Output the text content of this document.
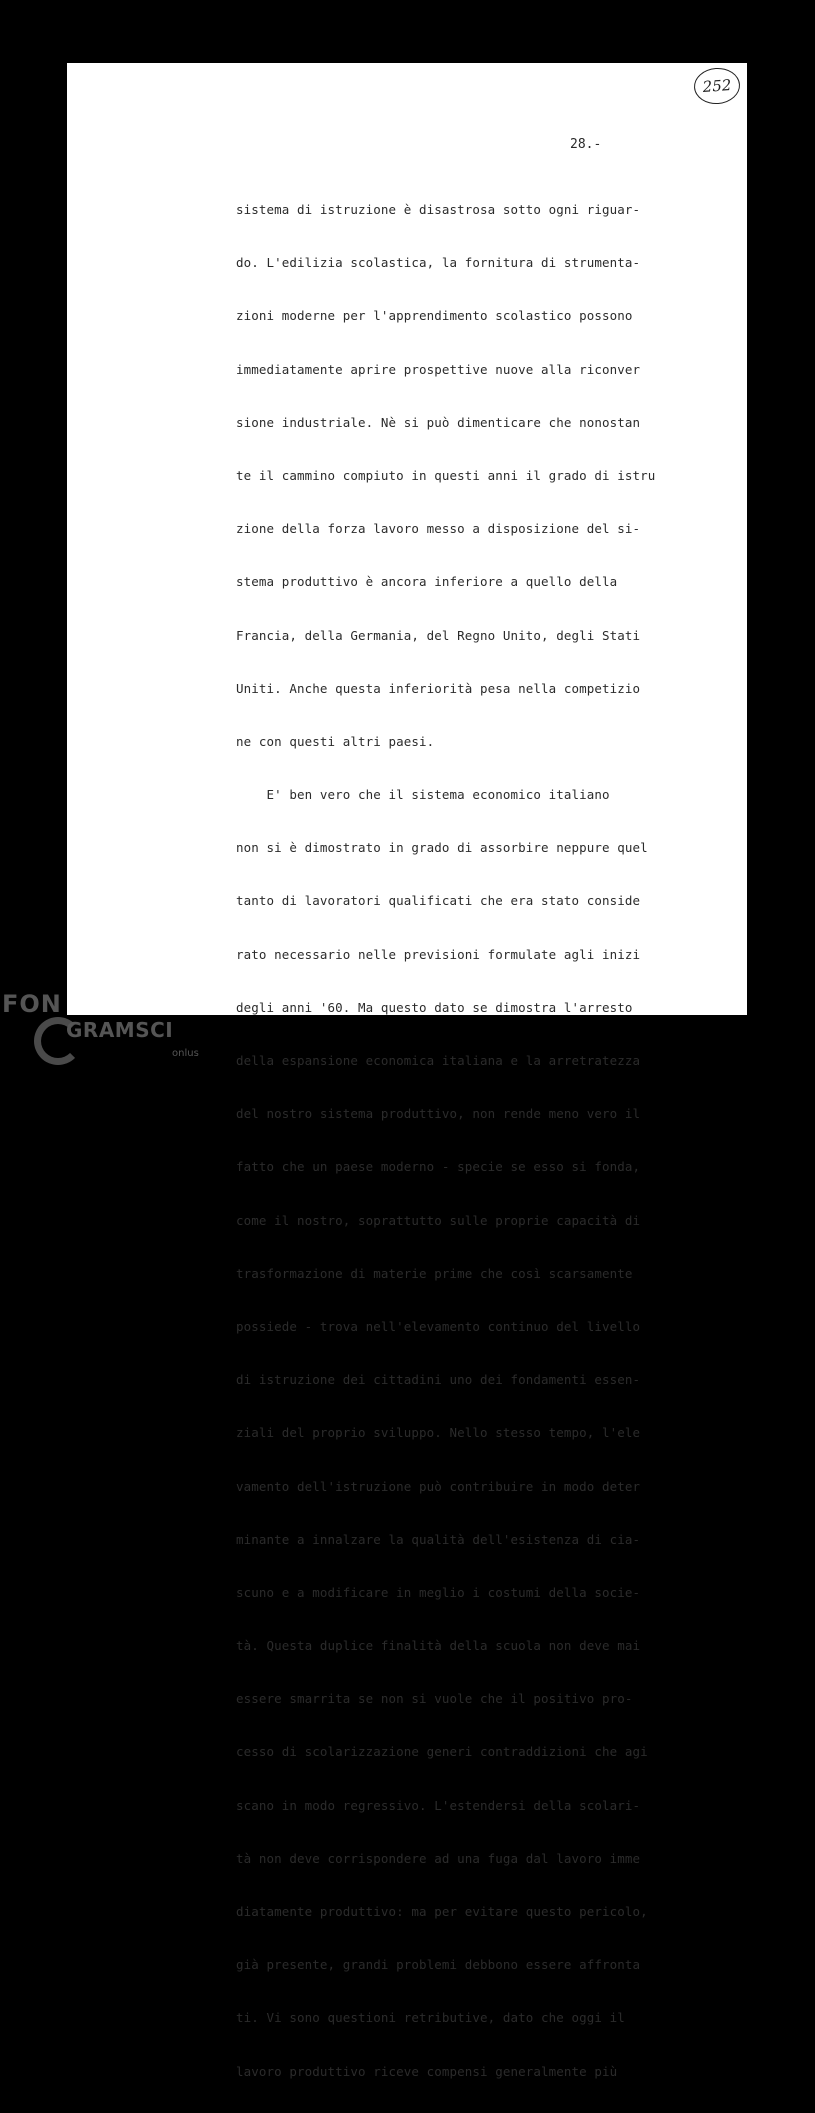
252
28.-

sistema di istruzione è disastrosa sotto ogni riguar-

do. L'edilizia scolastica, la fornitura di strumenta-

zioni moderne per l'apprendimento scolastico possono

immediatamente aprire prospettive nuove alla riconver

sione industriale. Nè si può dimenticare che nonostan

te il cammino compiuto in questi anni il grado di istru

zione della forza lavoro messo a disposizione del si-

stema produttivo è ancora inferiore a quello della

Francia, della Germania, del Regno Unito, degli Stati

Uniti. Anche questa inferiorità pesa nella competizio

ne con questi altri paesi.

E' ben vero che il sistema economico italiano

non si è dimostrato in grado di assorbire neppure quel

tanto di lavoratori qualificati che era stato conside

rato necessario nelle previsioni formulate agli inizi

degli anni '60. Ma questo dato se dimostra l'arresto

della espansione economica italiana e la arretratezza

del nostro sistema produttivo, non rende meno vero il

fatto che un paese moderno - specie se esso si fonda,

come il nostro, soprattutto sulle proprie capacità di

trasformazione di materie prime che così scarsamente

possiede - trova nell'elevamento continuo del livello

di istruzione dei cittadini uno dei fondamenti essen-

ziali del proprio sviluppo. Nello stesso tempo, l'ele

vamento dell'istruzione può contribuire in modo deter

minante a innalzare la qualità dell'esistenza di cia-

scuno e a modificare in meglio i costumi della socie-

tà. Questa duplice finalità della scuola non deve mai

essere smarrita se non si vuole che il positivo pro-

cesso di scolarizzazione generi contraddizioni che agi

scano in modo regressivo. L'estendersi della scolari-

tà non deve corrispondere ad una fuga dal lavoro imme

diatamente produttivo: ma per evitare questo pericolo,

già presente, grandi problemi debbono essere affronta

ti. Vi sono questioni retributive, dato che oggi il

lavoro produttivo riceve compensi generalmente più

FON
GRAMSCI
onlus
